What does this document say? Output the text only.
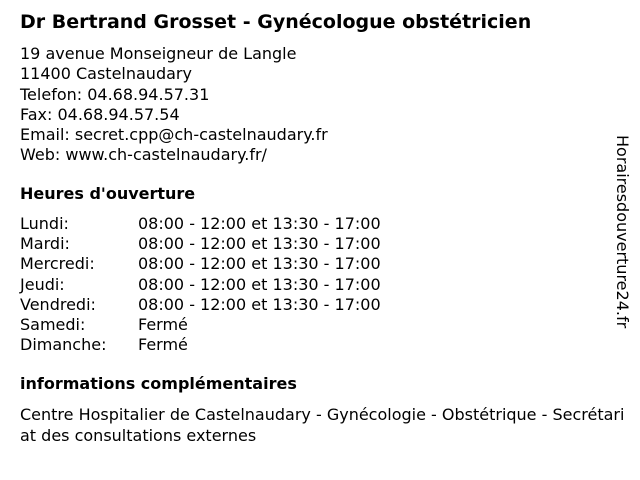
Dr Bertrand Grosset - Gynécologue obstétricien
19 avenue Monseigneur de Langle
11400 Castelnaudary
Telefon: 04.68.94.57.31
Fax: 04.68.94.57.54
Email: secret.cpp@ch-castelnaudary.fr
Web: www.ch-castelnaudary.fr/
Heures d'ouverture
Lundi:	08:00 - 12:00 et 13:30 - 17:00
Mardi:	08:00 - 12:00 et 13:30 - 17:00
Mercredi:	08:00 - 12:00 et 13:30 - 17:00
Jeudi:	08:00 - 12:00 et 13:30 - 17:00
Vendredi:	08:00 - 12:00 et 13:30 - 17:00
Samedi:	Fermé
Dimanche: Fermé
informations complémentaires
Centre Hospitalier de Castelnaudary - Gynécologie - Obstétrique - Secrétariat des consultations externes
Horairesdouverture24.fr
